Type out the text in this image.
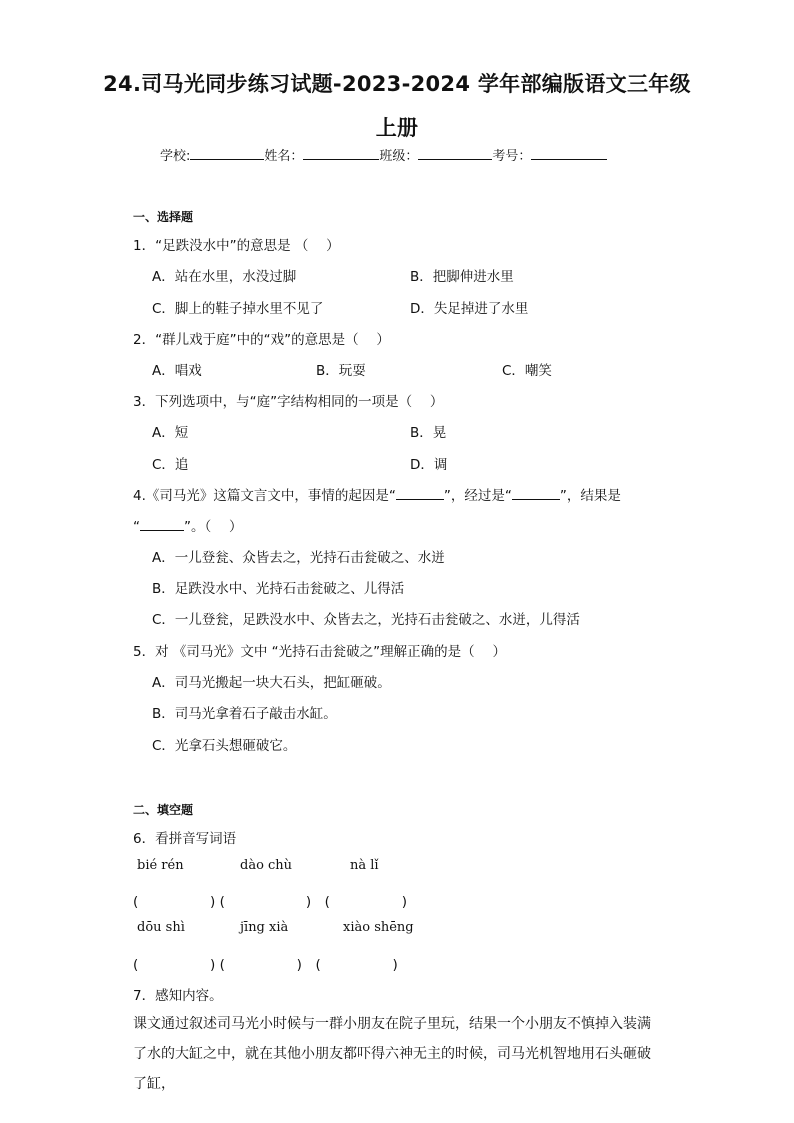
24.司马光同步练习试题-2023-2024 学年部编版语文三年级
上册
学校:	姓名：	班级：	考号：
一、选择题
1．“足跌没水中”的意思是 （　 ）
A．站在水里，水没过脚	B．把脚伸进水里
C．脚上的鞋子掉水里不见了	D．失足掉进了水里
2．“群儿戏于庭”中的“戏”的意思是（　 ）
A．唱戏	B．玩耍	C．嘲笑
3．下列选项中，与“庭”字结构相同的一项是（　 ）
A．短	B．晃
C．追	D．调
4.《司马光》这篇文言文中，事情的起因是“	”，经过是“	”，结果是
“	”。（　 ）
A．一儿登瓮、众皆去之，光持石击瓮破之、水迸
B．足跌没水中、光持石击瓮破之、儿得活
C．一儿登瓮，足跌没水中、众皆去之，光持石击瓮破之、水迸，儿得活
5．对 《司马光》文中 “光持石击瓮破之”理解正确的是（　 ）
A．司马光搬起一块大石头，把缸砸破。
B．司马光拿着石子敲击水缸。
C．光拿石头想砸破它。
二、填空题
6．看拼音写词语
bié rén	dào chù	nà lǐ
(　　　　　 ) (　　　　　　)　(　　　　　 )
dōu shì	jīng xià	xiào shēng
(　　　　　 ) (　　　　　 )　(　　　　　 )
7．感知内容。
课文通过叙述司马光小时候与一群小朋友在院子里玩，结果一个小朋友不慎掉入装满了水的大缸之中，就在其他小朋友都吓得六神无主的时候，司马光机智地用石头砸破了缸，
